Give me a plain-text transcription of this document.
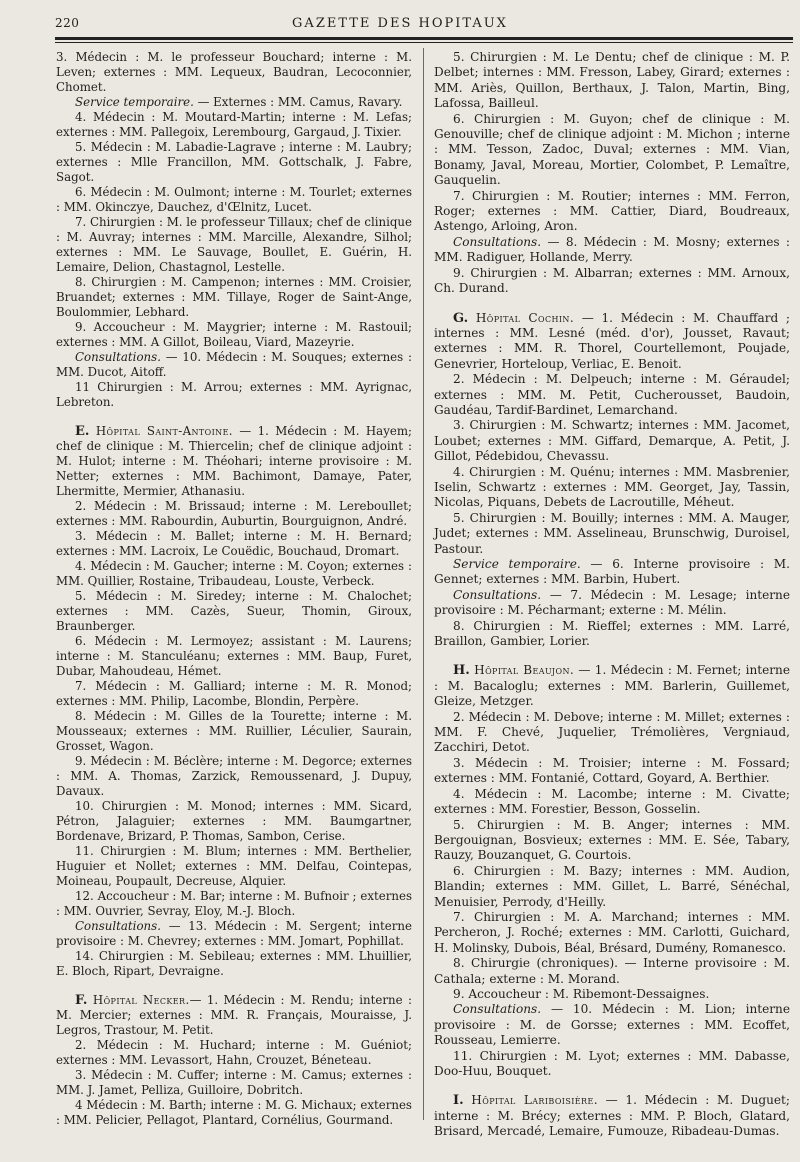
220	GAZETTE DES HOPITAUX

3. Médecin : M. le professeur Bouchard; interne : M. Leven; externes : MM. Lequeux, Baudran, Lecoconnier, Chomet.

Service temporaire. — Externes : MM. Camus, Ravary.

4. Médecin : M. Moutard-Martin; interne : M. Lefas; externes : MM. Pallegoix, Lerembourg, Gargaud, J. Tixier.

5. Médecin : M. Labadie-Lagrave ; interne : M. Laubry; externes : Mlle Francillon, MM. Gottschalk, J. Fabre, Sagot.

6. Médecin : M. Oulmont; interne : M. Tourlet; externes : MM. Okinczye, Dauchez, d'Œlnitz, Lucet.

7. Chirurgien : M. le professeur Tillaux; chef de clinique : M. Auvray; internes : MM. Marcille, Alexandre, Silhol; externes : MM. Le Sauvage, Boullet, E. Guérin, H. Lemaire, Delion, Chastagnol, Lestelle.

8. Chirurgien : M. Campenon; internes : MM. Croisier, Bruandet; externes : MM. Tillaye, Roger de Saint-Ange, Boulommier, Lebhard.

9. Accoucheur : M. Maygrier; interne : M. Rastouil; externes : MM. A Gillot, Boileau, Viard, Mazeyrie.

Consultations. — 10. Médecin : M. Souques; externes : MM. Ducot, Aitoff.

11 Chirurgien : M. Arrou; externes : MM. Ayrignac, Lebreton.

E. Hôpital Saint-Antoine. — 1. Médecin : M. Hayem; chef de clinique : M. Thiercelin; chef de clinique adjoint : M. Hulot; interne : M. Théohari; interne provisoire : M. Netter; externes : MM. Bachimont, Damaye, Pater, Lhermitte, Mermier, Athanasiu.

2. Médecin : M. Brissaud; interne : M. Lereboullet; externes : MM. Rabourdin, Auburtin, Bourguignon, André.

3. Médecin : M. Ballet; interne : M. H. Bernard; externes : MM. Lacroix, Le Couëdic, Bouchaud, Dromart.

4. Médecin : M. Gaucher; interne : M. Coyon; externes : MM. Quillier, Rostaine, Tribaudeau, Louste, Verbeck.

5. Médecin : M. Siredey; interne : M. Chalochet; externes : MM. Cazès, Sueur, Thomin, Giroux, Braunberger.

6. Médecin : M. Lermoyez; assistant : M. Laurens; interne : M. Stanculéanu; externes : MM. Baup, Furet, Dubar, Mahoudeau, Hémet.

7. Médecin : M. Galliard; interne : M. R. Monod; externes : MM. Philip, Lacombe, Blondin, Perpère.

8. Médecin : M. Gilles de la Tourette; interne : M. Mousseaux; externes : MM. Ruillier, Léculier, Saurain, Grosset, Wagon.

9. Médecin : M. Béclère; interne : M. Degorce; externes : MM. A. Thomas, Zarzick, Remoussenard, J. Dupuy, Davaux.

10. Chirurgien : M. Monod; internes : MM. Sicard, Pétron, Jalaguier; externes : MM. Baumgartner, Bordenave, Brizard, P. Thomas, Sambon, Cerise.

11. Chirurgien : M. Blum; internes : MM. Berthelier, Huguier et Nollet; externes : MM. Delfau, Cointepas, Moineau, Poupault, Decreuse, Alquier.

12. Accoucheur : M. Bar; interne : M. Bufnoir ; externes : MM. Ouvrier, Sevray, Eloy, M.-J. Bloch.

Consultations. — 13. Médecin : M. Sergent; interne provisoire : M. Chevrey; externes : MM. Jomart, Pophillat.

14. Chirurgien : M. Sebileau; externes : MM. Lhuillier, E. Bloch, Ripart, Devraigne.

F. Hôpital Necker.— 1. Médecin : M. Rendu; interne : M. Mercier; externes : MM. R. Français, Mouraisse, J. Legros, Trastour, M. Petit.

2. Médecin : M. Huchard; interne : M. Guéniot; externes : MM. Levassort, Hahn, Crouzet, Béneteau.

3. Médecin : M. Cuffer; interne : M. Camus; externes : MM. J. Jamet, Pelliza, Guilloire, Dobritch.

4 Médecin : M. Barth; interne : M. G. Michaux; externes : MM. Pelicier, Pellagot, Plantard, Cornélius, Gourmand.

5. Chirurgien : M. Le Dentu; chef de clinique : M. P. Delbet; internes : MM. Fresson, Labey, Girard; externes : MM. Ariès, Quillon, Berthaux, J. Talon, Martin, Bing, Lafossa, Bailleul.

6. Chirurgien : M. Guyon; chef de clinique : M. Genouville; chef de clinique adjoint : M. Michon ; interne : MM. Tesson, Zadoc, Duval; externes : MM. Vian, Bonamy, Javal, Moreau, Mortier, Colombet, P. Lemaître, Gauquelin.

7. Chirurgien : M. Routier; internes : MM. Ferron, Roger; externes : MM. Cattier, Diard, Boudreaux, Astengo, Arloing, Aron.

Consultations. — 8. Médecin : M. Mosny; externes : MM. Radiguer, Hollande, Merry.

9. Chirurgien : M. Albarran; externes : MM. Arnoux, Ch. Durand.

G. Hôpital Cochin. — 1. Médecin : M. Chauffard ; internes : MM. Lesné (méd. d'or), Jousset, Ravaut; externes : MM. R. Thorel, Courtellemont, Poujade, Genevrier, Horteloup, Verliac, E. Benoit.

2. Médecin : M. Delpeuch; interne : M. Géraudel; externes : MM. M. Petit, Cucherousset, Baudoin, Gaudéau, Tardif-Bardinet, Lemarchand.

3. Chirurgien : M. Schwartz; internes : MM. Jacomet, Loubet; externes : MM. Giffard, Demarque, A. Petit, J. Gillot, Pédebidou, Chevassu.

4. Chirurgien : M. Quénu; internes : MM. Masbrenier, Iselin, Schwartz : externes : MM. Georget, Jay, Tassin, Nicolas, Piquans, Debets de Lacroutille, Méheut.

5. Chirurgien : M. Bouilly; internes : MM. A. Mauger, Judet; externes : MM. Asselineau, Brunschwig, Duroisel, Pastour.

Service temporaire. — 6. Interne provisoire : M. Gennet; externes : MM. Barbin, Hubert.

Consultations. — 7. Médecin : M. Lesage; interne provisoire : M. Pécharmant; externe : M. Mélin.

8. Chirurgien : M. Rieffel; externes : MM. Larré, Braillon, Gambier, Lorier.

H. Hôpital Beaujon. — 1. Médecin : M. Fernet; interne : M. Bacaloglu; externes : MM. Barlerin, Guillemet, Gleize, Metzger.

2. Médecin : M. Debove; interne : M. Millet; externes : MM. F. Chevé, Juquelier, Trémolières, Vergniaud, Zacchiri, Detot.

3. Médecin : M. Troisier; interne : M. Fossard; externes : MM. Fontanié, Cottard, Goyard, A. Berthier.

4. Médecin : M. Lacombe; interne : M. Civatte; externes : MM. Forestier, Besson, Gosselin.

5. Chirurgien : M. B. Anger; internes : MM. Bergouignan, Bosvieux; externes : MM. E. Sée, Tabary, Rauzy, Bouzanquet, G. Courtois.

6. Chirurgien : M. Bazy; internes : MM. Audion, Blandin; externes : MM. Gillet, L. Barré, Sénéchal, Menuisier, Perrody, d'Heilly.

7. Chirurgien : M. A. Marchand; internes : MM. Percheron, J. Roché; externes : MM. Carlotti, Guichard, H. Molinsky, Dubois, Béal, Brésard, Dumény, Romanesco.

8. Chirurgie (chroniques). — Interne provisoire : M. Cathala; externe : M. Morand.

9. Accoucheur : M. Ribemont-Dessaignes.

Consultations. — 10. Médecin : M. Lion; interne provisoire : M. de Gorsse; externes : MM. Ecoffet, Rousseau, Lemierre.

11. Chirurgien : M. Lyot; externes : MM. Dabasse, Doo-Huu, Bouquet.

I. Hôpital Lariboisière. — 1. Médecin : M. Duguet; interne : M. Brécy; externes : MM. P. Bloch, Glatard, Brisard, Mercadé, Lemaire, Fumouze, Ribadeau-Dumas.
